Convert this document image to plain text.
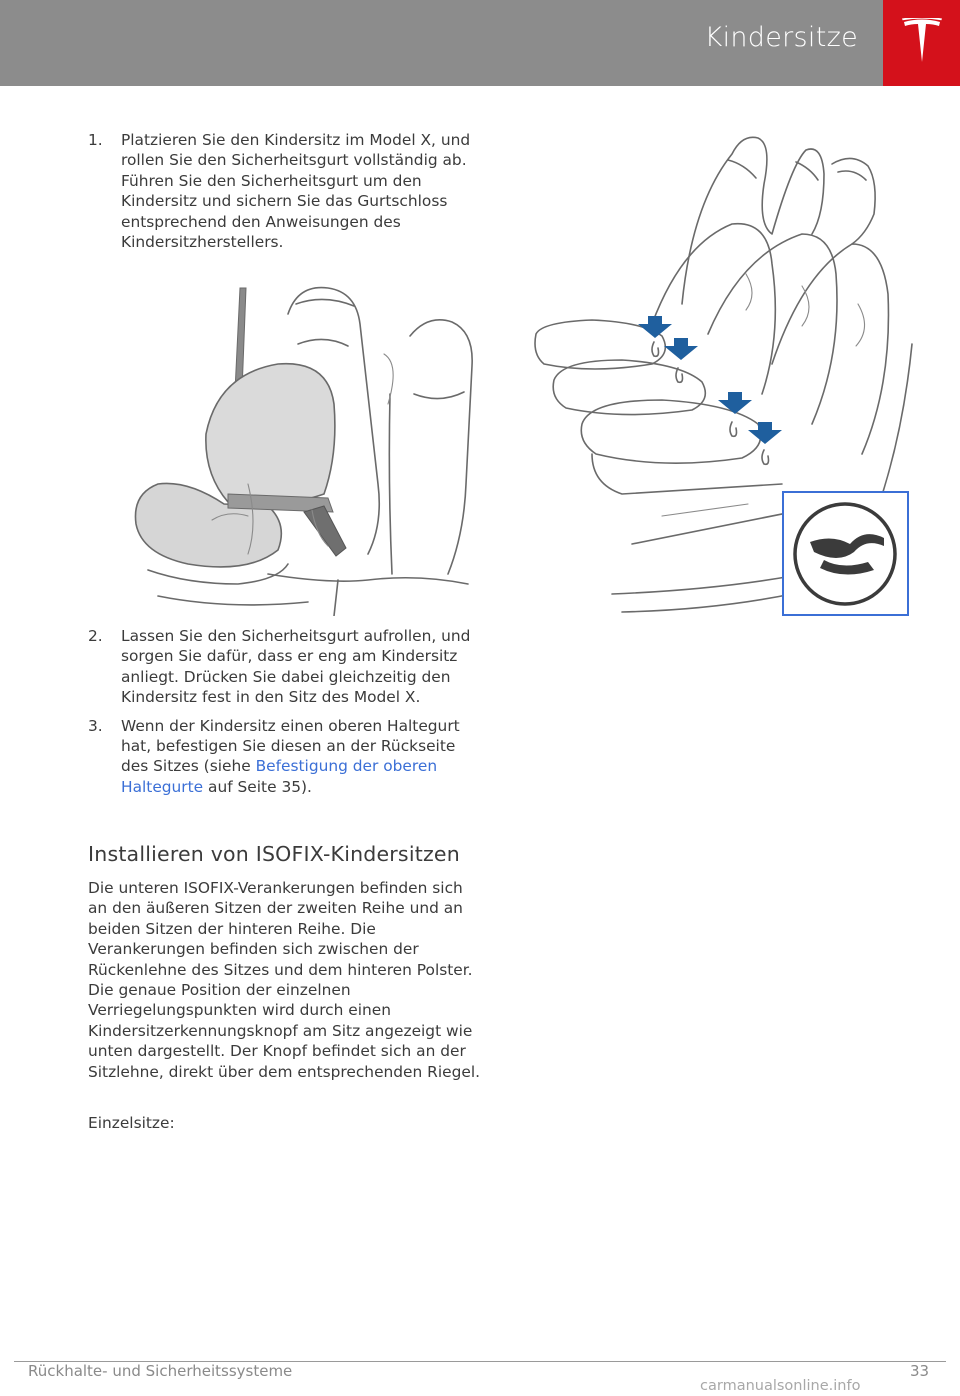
Kindersitze
1. Platzieren Sie den Kindersitz im Model X, und rollen Sie den Sicherheitsgurt vollständig ab. Führen Sie den Sicherheitsgurt um den Kindersitz und sichern Sie das Gurtschloss entsprechend den Anweisungen des Kindersitzherstellers.
2. Lassen Sie den Sicherheitsgurt aufrollen, und sorgen Sie dafür, dass er eng am Kindersitz anliegt. Drücken Sie dabei gleichzeitig den Kindersitz fest in den Sitz des Model X.
3. Wenn der Kindersitz einen oberen Haltegurt hat, befestigen Sie diesen an der Rückseite des Sitzes (siehe Befestigung der oberen Haltegurte auf Seite 35).
Installieren von ISOFIX-Kindersitzen
Die unteren ISOFIX-Verankerungen befinden sich an den äußeren Sitzen der zweiten Reihe und an beiden Sitzen der hinteren Reihe. Die Verankerungen befinden sich zwischen der Rückenlehne des Sitzes und dem hinteren Polster. Die genaue Position der einzelnen Verriegelungspunkten wird durch einen Kindersitzerkennungsknopf am Sitz angezeigt wie unten dargestellt. Der Knopf befindet sich an der Sitzlehne, direkt über dem entsprechenden Riegel.
Einzelsitze:
Rückhalte- und Sicherheitssysteme	33
carmanualsonline.info
